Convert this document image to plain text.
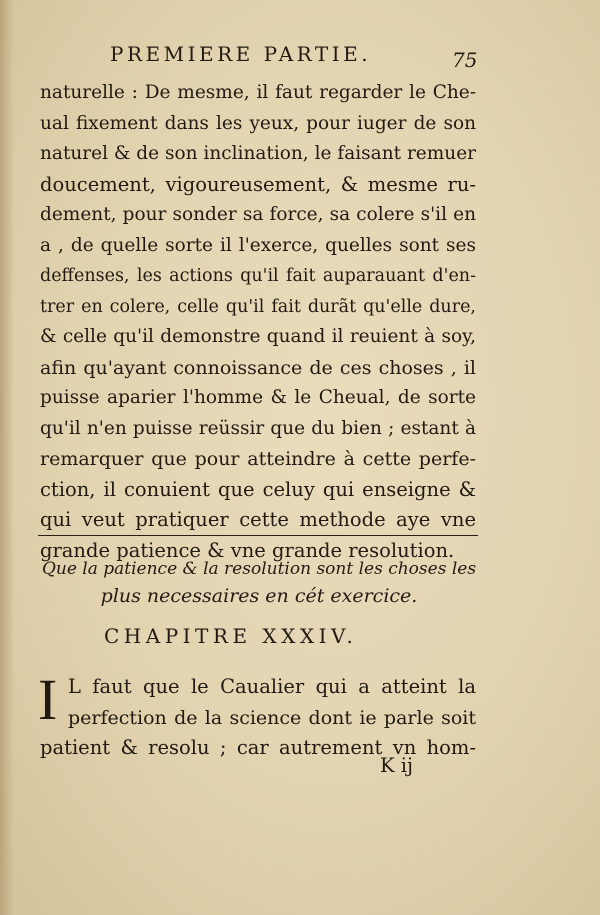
PREMIERE PARTIE.	75
naturelle : De mesme, il faut regarder le Che-
ual fixement dans les yeux, pour iuger de son
naturel & de son inclination, le faisant remuer
doucement, vigoureusement, & mesme ru-
dement, pour sonder sa force, sa colere s'il en
a , de quelle sorte il l'exerce, quelles sont ses
deffenses, les actions qu'il fait auparauant d'en-
trer en colere, celle qu'il fait durãt qu'elle dure,
& celle qu'il demonstre quand il reuient à soy,
afin qu'ayant connoissance de ces choses , il
puisse aparier l'homme & le Cheual, de sorte
qu'il n'en puisse reüssir que du bien ; estant à
remarquer que pour atteindre à cette perfe-
ction, il conuient que celuy qui enseigne &
qui veut pratiquer cette methode aye vne
grande patience & vne grande resolution.
Que la patience & la resolution sont les choses les
plus necessaires en cét exercice.
CHAPITRE XXXIV.
I L faut que le Caualier qui a atteint la
perfection de la science dont ie parle soit
patient & resolu ; car autrement vn hom-
K ij
